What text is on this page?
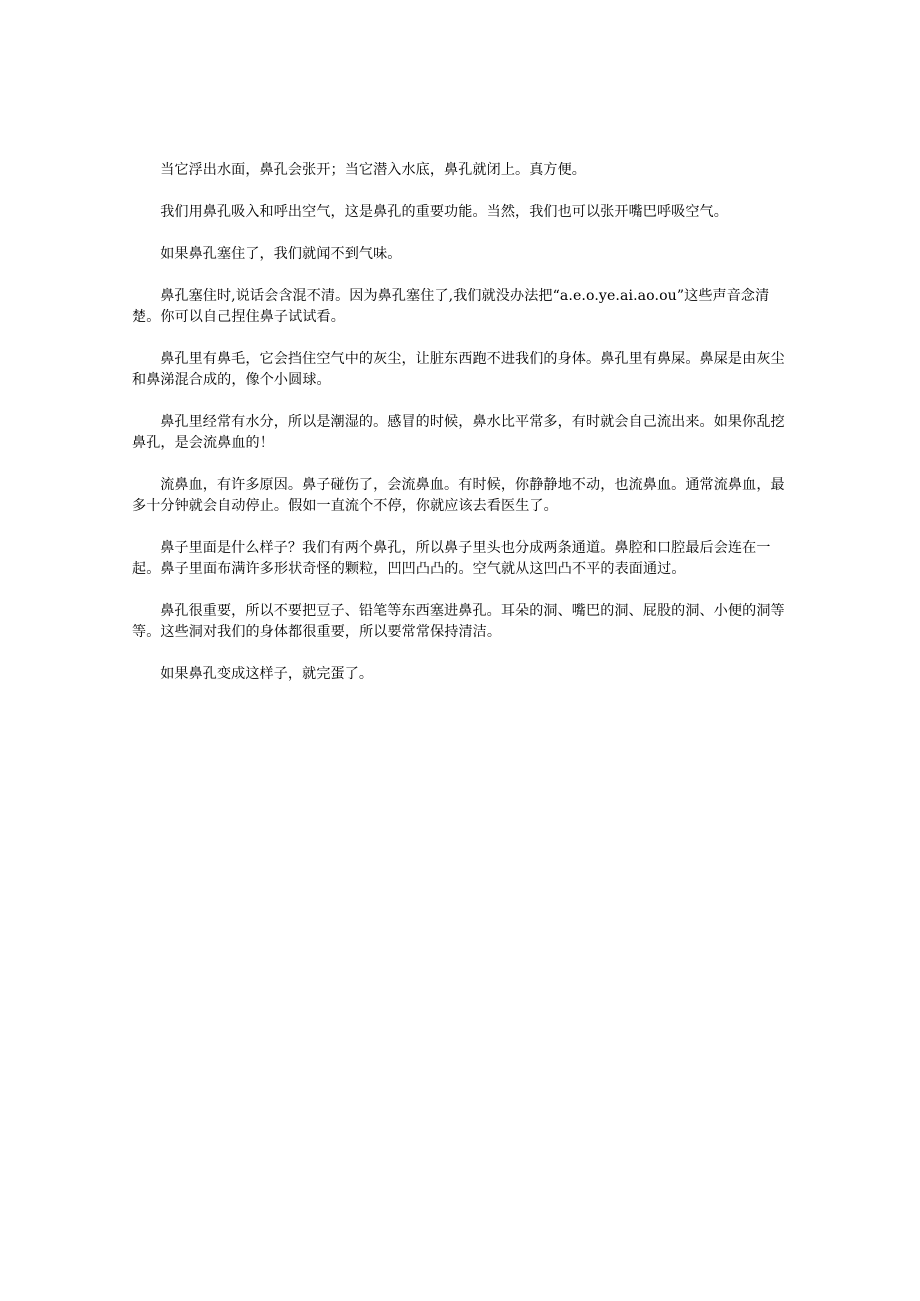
当它浮出水面，鼻孔会张开；当它潜入水底，鼻孔就闭上。真方便。

我们用鼻孔吸入和呼出空气，这是鼻孔的重要功能。当然，我们也可以张开嘴巴呼吸空气。

如果鼻孔塞住了，我们就闻不到气味。

鼻孔塞住时,说话会含混不清。因为鼻孔塞住了,我们就没办法把“a.e.o.ye.ai.ao.ou”这些声音念清楚。你可以自己捏住鼻子试试看。

鼻孔里有鼻毛，它会挡住空气中的灰尘，让脏东西跑不进我们的身体。鼻孔里有鼻屎。鼻屎是由灰尘和鼻涕混合成的，像个小圆球。

鼻孔里经常有水分，所以是潮湿的。感冒的时候，鼻水比平常多，有时就会自己流出来。如果你乱挖鼻孔，是会流鼻血的！

流鼻血，有许多原因。鼻子碰伤了，会流鼻血。有时候，你静静地不动，也流鼻血。通常流鼻血，最多十分钟就会自动停止。假如一直流个不停，你就应该去看医生了。

鼻子里面是什么样子？我们有两个鼻孔，所以鼻子里头也分成两条通道。鼻腔和口腔最后会连在一起。鼻子里面布满许多形状奇怪的颗粒，凹凹凸凸的。空气就从这凹凸不平的表面通过。

鼻孔很重要，所以不要把豆子、铅笔等东西塞进鼻孔。耳朵的洞、嘴巴的洞、屁股的洞、小便的洞等等。这些洞对我们的身体都很重要，所以要常常保持清洁。

如果鼻孔变成这样子，就完蛋了。
